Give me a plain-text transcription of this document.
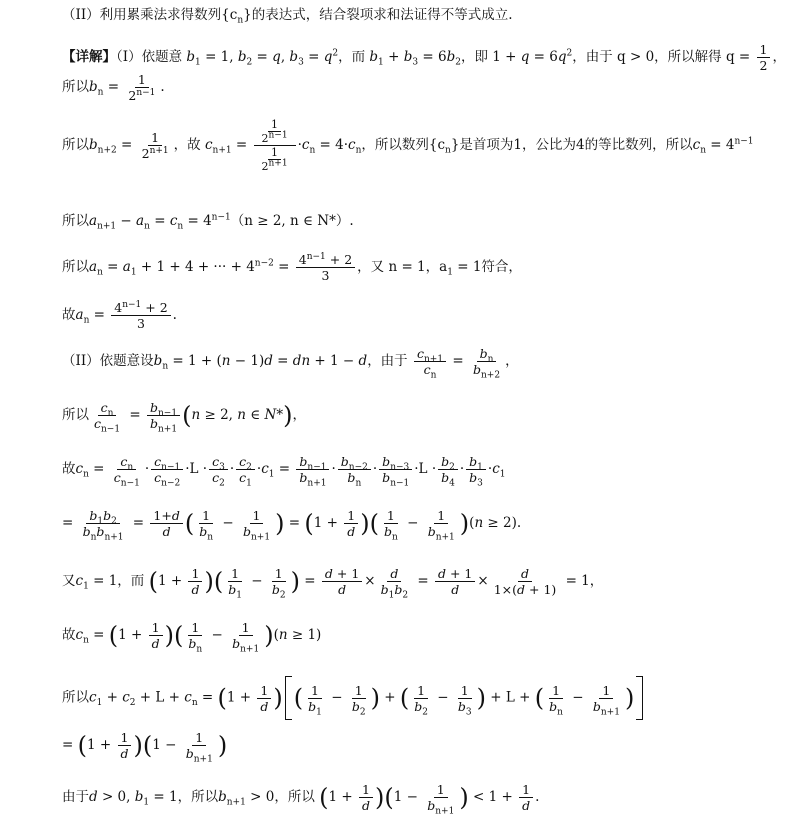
（II）利用累乘法求得数列$\{c_n\}$的表达式，结合裂项求和法证得不等式成立.
【详解】（I）依题意 $b_1 = 1$, $b_2 = q$, $b_3 = q^2$，而 $b_1 + b_3 = 6b_2$，即 $1 + q = 6q^2$，由于 q > 0，所以解得 $q = \frac{1}{2}$ ，
所以$b_n = \frac{1}{2^{n-1}}$ .
所以$b_{n+2} = \frac{1}{2^{n+1}}$ ，故 $c_{n+1} = \frac{\frac{1}{2^{n-1}}}{\frac{1}{2^{n+1}}} \cdot c_n = 4\cdot c_n$，所以数列$\{c_n\}$是首项为1，公比为4的等比数列，所以$c_n = 4^{n-1}$
所以$a_{n+1} - a_n = c_n = 4^{n-1}(n \ge 2$, n ∈ N*）.
所以$a_n = a_1 + 1 + 4$ + ··· + $4^{n-2} = \frac{4^{n-1} + 2}{3}$ ，又 n = 1，$a_1 = 1$符合，
故$a_n = \frac{4^{n-1} + 2}{3}$ .
（II）依题意设$b_n = 1 + (n - 1)d$ = dn + 1 − d，由于 $\frac{c_{n+1}}{c_n} = \frac{b_n}{b_{n+2}}$ ，
所以 $\frac{c_n}{c_{n-1}} = \frac{b_{n-1}}{b_{n+1}} (n \ge 2$, n ∈ N*)，
故$c_n = \frac{c_n}{c_{n-1}} \cdot \frac{c_{n-1}}{c_{n-2}} \cdot L \cdot \frac{c_3}{c_2} \cdot \frac{c_2}{c_1} \cdot c_1 = \frac{b_{n-1}}{b_{n+1}} \cdot \frac{b_{n-2}}{b_n} \cdot \frac{b_{n-3}}{b_{n-1}} \cdot L \cdot \frac{b_2}{b_4} \cdot \frac{b_1}{b_3} \cdot c_1$
= $\frac{b_1b_2}{b_nb_{n+1}} = \frac{1+d}{d}$ ( $\frac{1}{b_n} - \frac{1}{b_{n+1}}$ ) = ($1 + \frac{1}{d}$ )( $\frac{1}{b_n} - \frac{1}{b_{n+1}} )(n \ge 2)$.
又$c_1 = 1$，而 ($1 + \frac{1}{d}$ )( $\frac{1}{b_1} - \frac{1}{b_2}$ ) = $\frac{d + 1}{d} \times \frac{d}{b_1b_2} = \frac{d + 1}{d} \times \frac{d}{1\times(d + 1)} = 1$，
故$c_n = (1 + \frac{1}{d}$ )( $\frac{1}{b_n} - \frac{1}{b_{n+1}} )(n \ge 1)$
所以$c_1 + c_2 + L + c_n = (1 + \frac{1}{d}$ ) ( $\frac{1}{b_1} - \frac{1}{b_2}$ ) + ( $\frac{1}{b_2} - \frac{1}{b_3}$ ) + L + ( $\frac{1}{b_n} - \frac{1}{b_{n+1}}$ )
= $(1 + \frac{1}{d} )(1 - \frac{1}{b_{n+1}}$ )
由于d > 0, $b_1 = 1$，所以$b_{n+1} > 0$，所以 $(1 + \frac{1}{d} )(1 - \frac{1}{b_{n+1}}$ ) < $1 + \frac{1}{d}$ .
